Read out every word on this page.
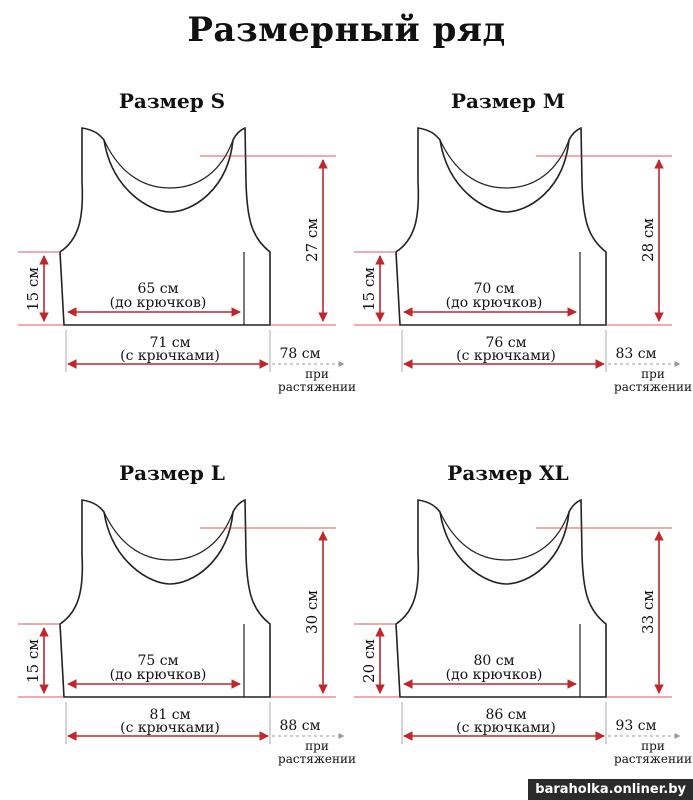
Размерный ряд
Размер S
27 см
15 см	65 см
(до крючков)
71 см
(с крючками)	78 см
при
растяжении
Размер M
28 см
15 см	70 см
(до крючков)
76 см
(с крючками)	83 см
при
растяжении
Размер L
30 см
15 см	75 см
(до крючков)
81 см
(с крючками)	88 см
при
растяжении
Размер XL
33 см
20 см	80 см
(до крючков)
86 см
(с крючками)	93 см
при
растяжении
baraholka.onliner.by
